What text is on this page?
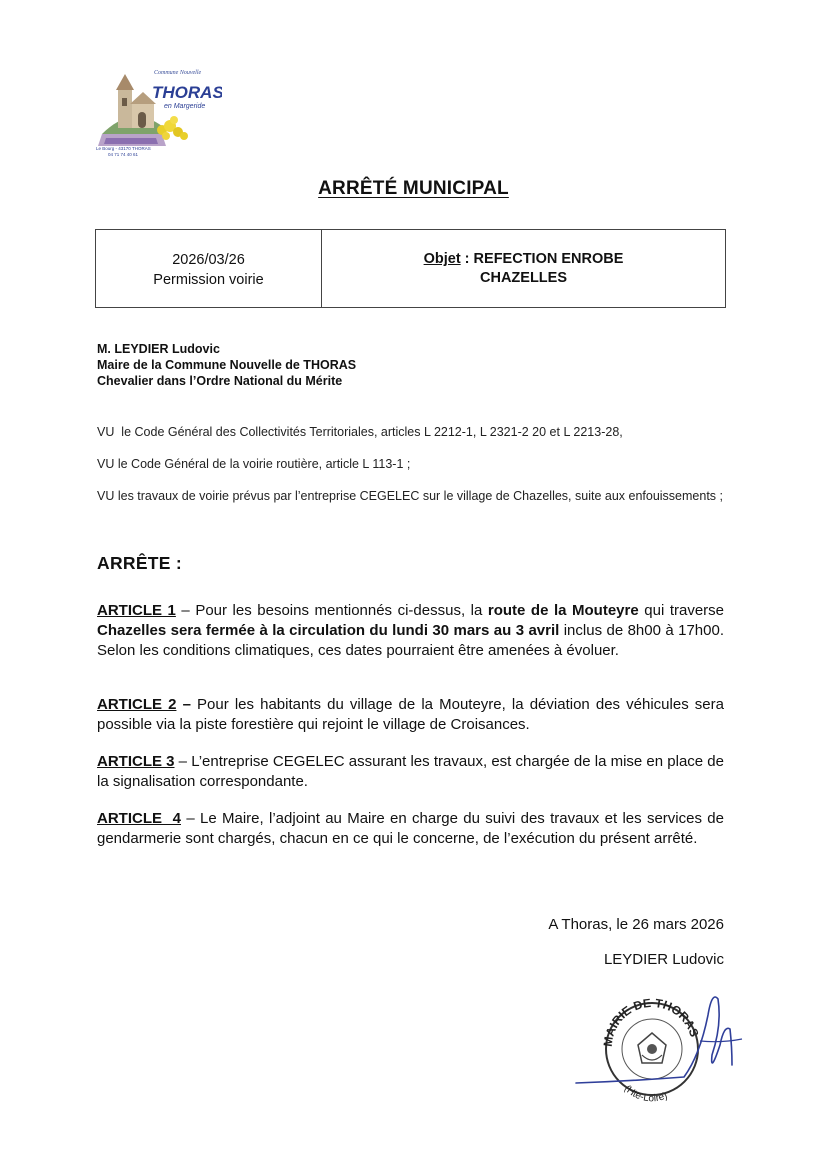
Commune Nouvelle
THORAS
en Margeride
Le Bourg - 43170 THORAS
04 71 74 40 61
ARRÊTÉ MUNICIPAL
2026/03/26
Permission voirie
Objet : REFECTION ENROBE
CHAZELLES
M. LEYDIER Ludovic
Maire de la Commune Nouvelle de THORAS
Chevalier dans l’Ordre National du Mérite
VU  le Code Général des Collectivités Territoriales, articles L 2212-1, L 2321-2 20 et L 2213-28,
VU le Code Général de la voirie routière, article L 113-1 ;
VU les travaux de voirie prévus par l’entreprise CEGELEC sur le village de Chazelles, suite aux enfouissements ;
ARRÊTE :
ARTICLE 1 – Pour les besoins mentionnés ci-dessus, la route de la Mouteyre qui traverse Chazelles sera fermée à la circulation du lundi 30 mars au 3 avril inclus de 8h00 à 17h00. Selon les conditions climatiques, ces dates pourraient être amenées à évoluer.
ARTICLE 2 – Pour les habitants du village de la Mouteyre, la déviation des véhicules sera possible via la piste forestière qui rejoint le village de Croisances.
ARTICLE 3 – L’entreprise CEGELEC assurant les travaux, est chargée de la mise en place de la signalisation correspondante.
ARTICLE  4 – Le Maire, l’adjoint au Maire en charge du suivi des travaux et les services de gendarmerie sont chargés, chacun en ce qui le concerne, de l’exécution du présent arrêté.
A Thoras, le 26 mars 2026
LEYDIER Ludovic
MAIRIE DE THORAS
(Hte-Loire)
